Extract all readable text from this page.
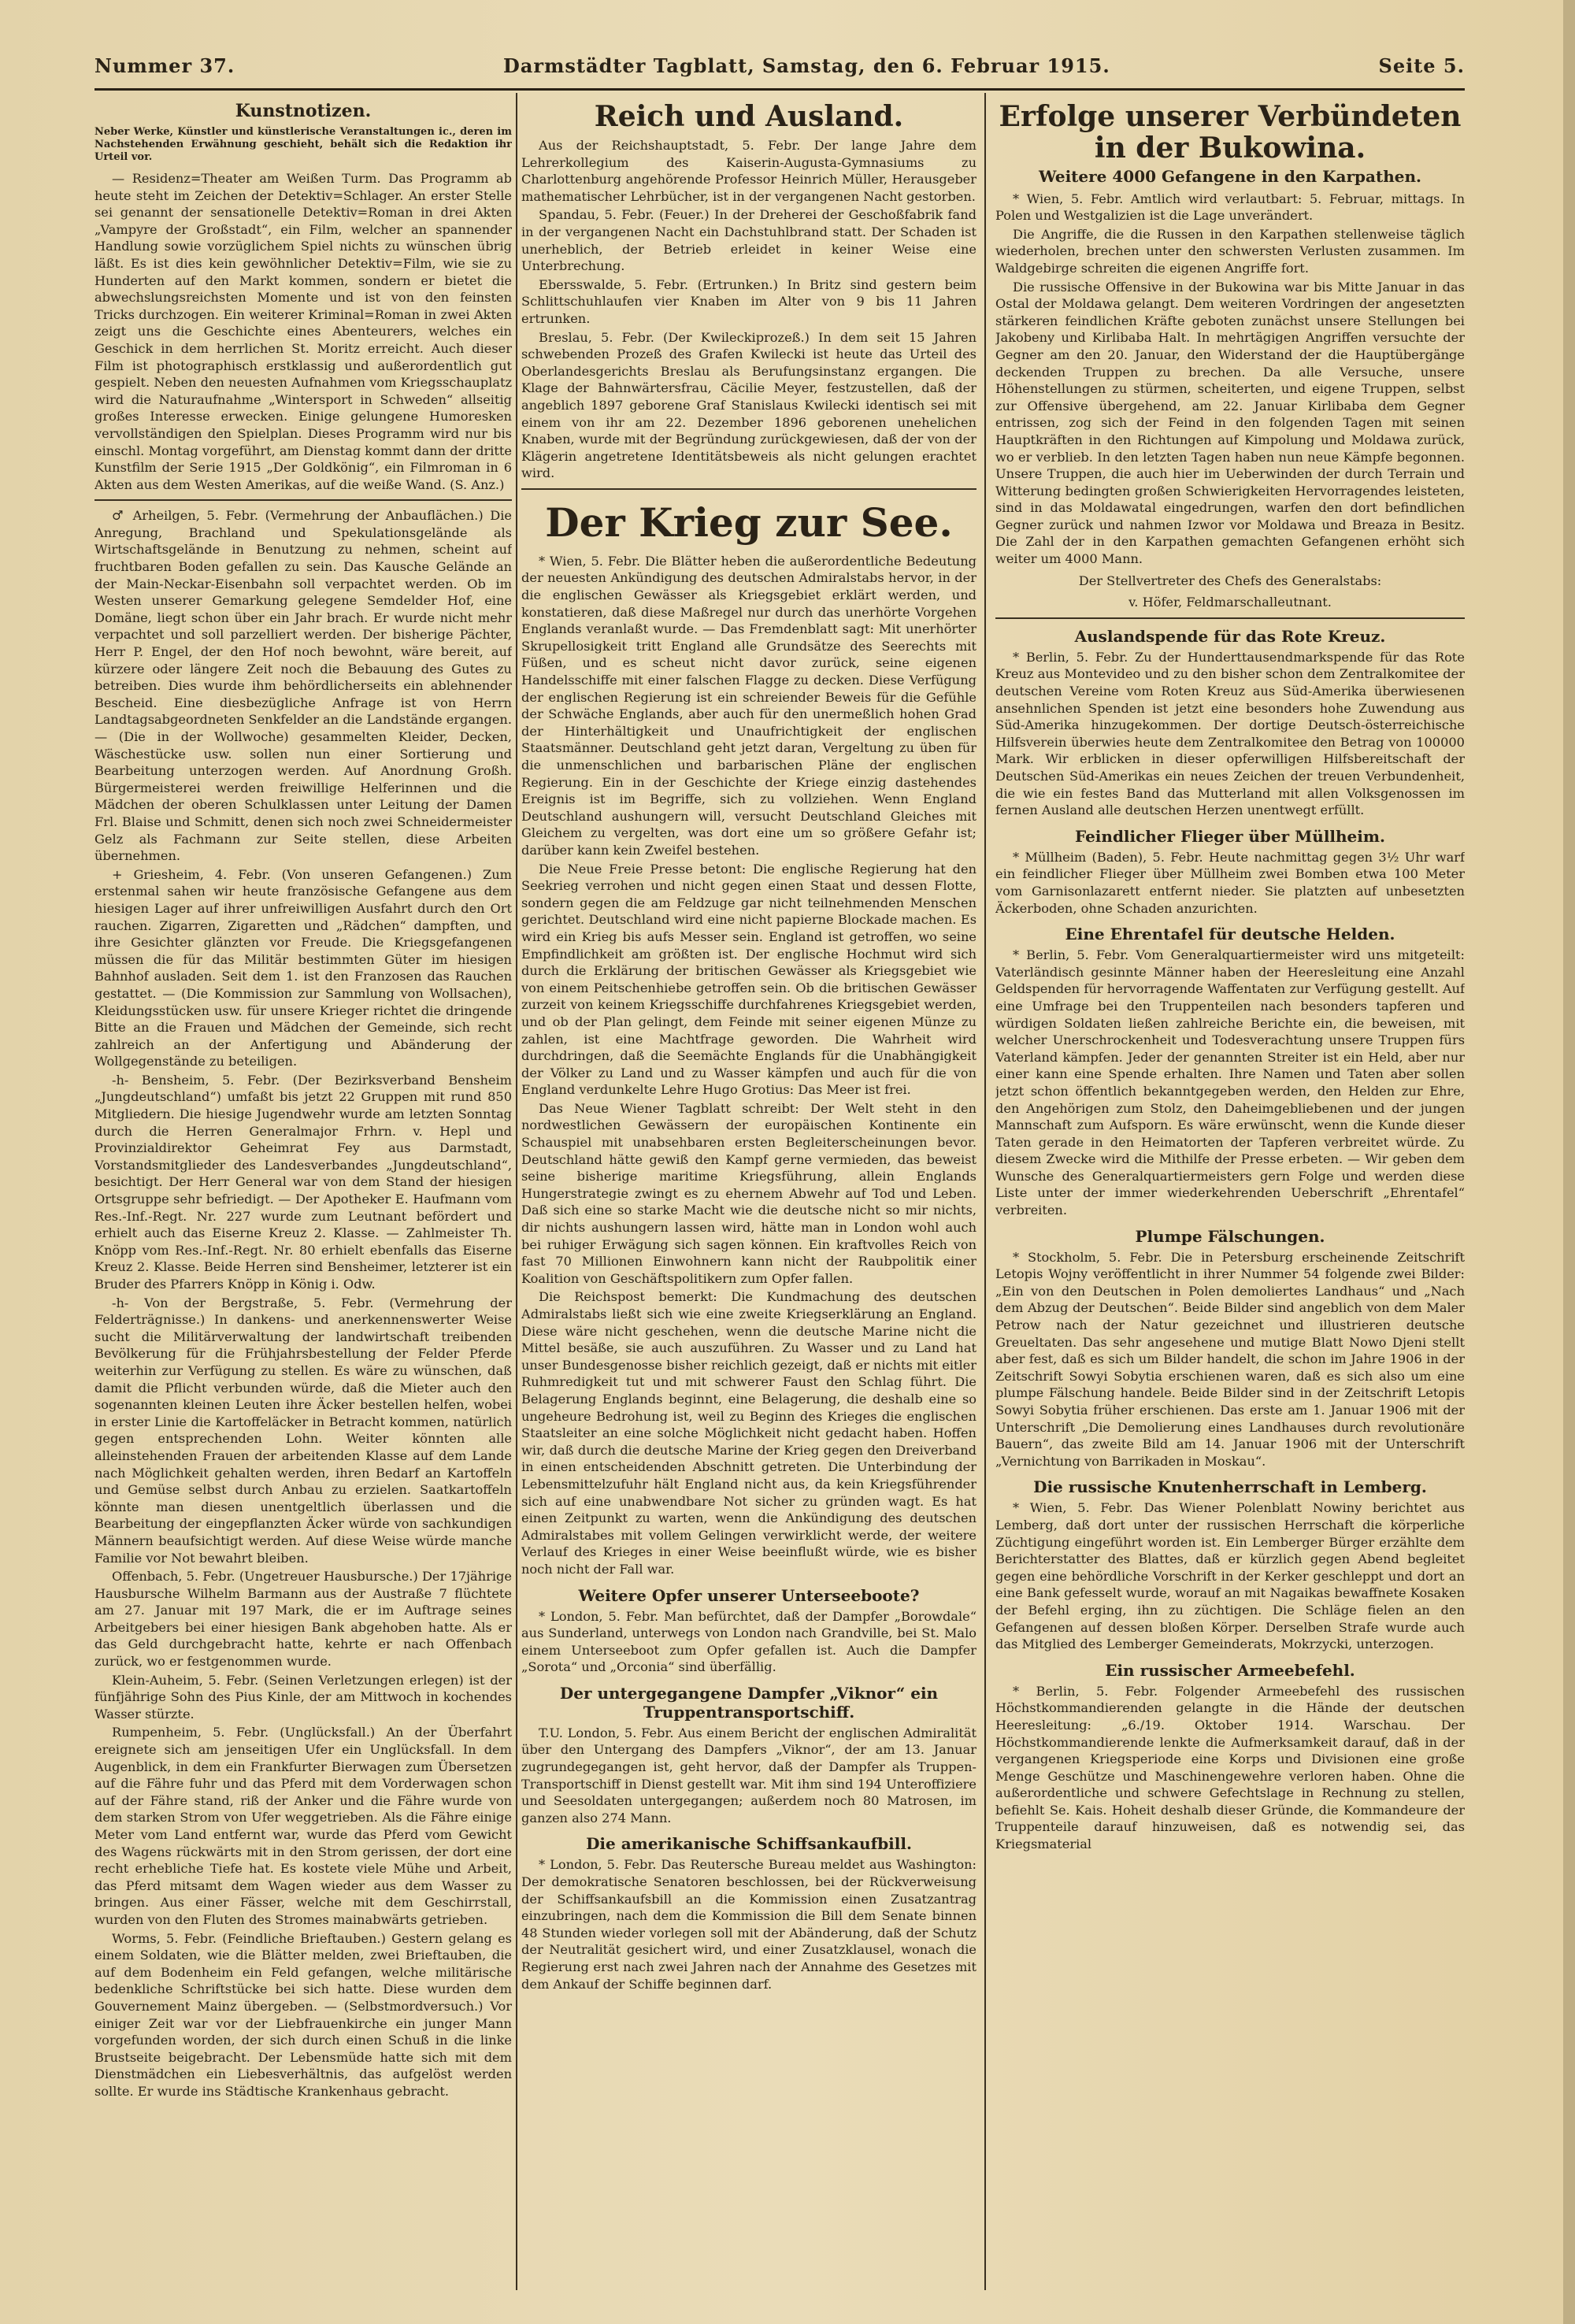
Nummer 37.	Darmstädter Tagblatt, Samstag, den 6. Februar 1915.	Seite 5.
Kunstnotizen.
Neber Werke, Künstler und künstlerische Veranstaltungen ic., deren im Nachstehenden Erwähnung geschieht, behält sich die Redaktion ihr Urteil vor.

— Residenz=Theater am Weißen Turm. Das Programm ab heute steht im Zeichen der Detektiv=Schlager. An erster Stelle sei genannt der sensationelle Detektiv=Roman in drei Akten „Vampyre der Großstadt“, ein Film, welcher an spannender Handlung sowie vorzüglichem Spiel nichts zu wünschen übrig läßt. Es ist dies kein gewöhnlicher Detektiv=Film, wie sie zu Hunderten auf den Markt kommen, sondern er bietet die abwechslungsreichsten Momente und ist von den feinsten Tricks durchzogen. Ein weiterer Kriminal=Roman in zwei Akten zeigt uns die Geschichte eines Abenteurers, welches ein Geschick in dem herrlichen St. Moritz erreicht. Auch dieser Film ist photographisch erstklassig und außerordentlich gut gespielt. Neben den neuesten Aufnahmen vom Kriegsschauplatz wird die Naturaufnahme „Wintersport in Schweden“ allseitig großes Interesse erwecken. Einige gelungene Humoresken vervollständigen den Spielplan. Dieses Programm wird nur bis einschl. Montag vorgeführt, am Dienstag kommt dann der dritte Kunstfilm der Serie 1915 „Der Goldkönig“, ein Filmroman in 6 Akten aus dem Westen Amerikas, auf die weiße Wand. (S. Anz.)

♂ Arheilgen, 5. Febr. (Vermehrung der Anbauflächen.) Die Anregung, Brachland und Spekulationsgelände als Wirtschaftsgelände in Benutzung zu nehmen, scheint auf fruchtbaren Boden gefallen zu sein. Das Kausche Gelände an der Main-Neckar-Eisenbahn soll verpachtet werden. Ob im Westen unserer Gemarkung gelegene Semdelder Hof, eine Domäne, liegt schon über ein Jahr brach. Er wurde nicht mehr verpachtet und soll parzelliert werden. Der bisherige Pächter, Herr P. Engel, der den Hof noch bewohnt, wäre bereit, auf kürzere oder längere Zeit noch die Bebauung des Gutes zu betreiben. Dies wurde ihm behördlicherseits ein ablehnender Bescheid. Eine diesbezügliche Anfrage ist von Herrn Landtagsabgeordneten Senkfelder an die Landstände ergangen. — (Die in der Wollwoche) gesammelten Kleider, Decken, Wäschestücke usw. sollen nun einer Sortierung und Bearbeitung unterzogen werden. Auf Anordnung Großh. Bürgermeisterei werden freiwillige Helferinnen und die Mädchen der oberen Schulklassen unter Leitung der Damen Frl. Blaise und Schmitt, denen sich noch zwei Schneidermeister Gelz als Fachmann zur Seite stellen, diese Arbeiten übernehmen.

+ Griesheim, 4. Febr. (Von unseren Gefangenen.) Zum erstenmal sahen wir heute französische Gefangene aus dem hiesigen Lager auf ihrer unfreiwilligen Ausfahrt durch den Ort rauchen. Zigarren, Zigaretten und „Rädchen“ dampften, und ihre Gesichter glänzten vor Freude. Die Kriegsgefangenen müssen die für das Militär bestimmten Güter im hiesigen Bahnhof ausladen. Seit dem 1. ist den Franzosen das Rauchen gestattet. — (Die Kommission zur Sammlung von Wollsachen), Kleidungsstücken usw. für unsere Krieger richtet die dringende Bitte an die Frauen und Mädchen der Gemeinde, sich recht zahlreich an der Anfertigung und Abänderung der Wollgegenstände zu beteiligen.

-h- Bensheim, 5. Febr. (Der Bezirksverband Bensheim „Jungdeutschland“) umfaßt bis jetzt 22 Gruppen mit rund 850 Mitgliedern. Die hiesige Jugendwehr wurde am letzten Sonntag durch die Herren Generalmajor Frhrn. v. Hepl und Provinzialdirektor Geheimrat Fey aus Darmstadt, Vorstandsmitglieder des Landesverbandes „Jungdeutschland“, besichtigt. Der Herr General war von dem Stand der hiesigen Ortsgruppe sehr befriedigt. — Der Apotheker E. Haufmann vom Res.-Inf.-Regt. Nr. 227 wurde zum Leutnant befördert und erhielt auch das Eiserne Kreuz 2. Klasse. — Zahlmeister Th. Knöpp vom Res.-Inf.-Regt. Nr. 80 erhielt ebenfalls das Eiserne Kreuz 2. Klasse. Beide Herren sind Bensheimer, letzterer ist ein Bruder des Pfarrers Knöpp in König i. Odw.

-h- Von der Bergstraße, 5. Febr. (Vermehrung der Felderträgnisse.) In dankens- und anerkennenswerter Weise sucht die Militärverwaltung der landwirtschaft treibenden Bevölkerung für die Frühjahrsbestellung der Felder Pferde weiterhin zur Verfügung zu stellen. Es wäre zu wünschen, daß damit die Pflicht verbunden würde, daß die Mieter auch den sogenannten kleinen Leuten ihre Äcker bestellen helfen, wobei in erster Linie die Kartoffeläcker in Betracht kommen, natürlich gegen entsprechenden Lohn. Weiter könnten alle alleinstehenden Frauen der arbeitenden Klasse auf dem Lande nach Möglichkeit gehalten werden, ihren Bedarf an Kartoffeln und Gemüse selbst durch Anbau zu erzielen. Saatkartoffeln könnte man diesen unentgeltlich überlassen und die Bearbeitung der eingepflanzten Äcker würde von sachkundigen Männern beaufsichtigt werden. Auf diese Weise würde manche Familie vor Not bewahrt bleiben.

Offenbach, 5. Febr. (Ungetreuer Hausbursche.) Der 17jährige Hausbursche Wilhelm Barmann aus der Austraße 7 flüchtete am 27. Januar mit 197 Mark, die er im Auftrage seines Arbeitgebers bei einer hiesigen Bank abgehoben hatte. Als er das Geld durchgebracht hatte, kehrte er nach Offenbach zurück, wo er festgenommen wurde.

Klein-Auheim, 5. Febr. (Seinen Verletzungen erlegen) ist der fünfjährige Sohn des Pius Kinle, der am Mittwoch in kochendes Wasser stürzte.

Rumpenheim, 5. Febr. (Unglücksfall.) An der Überfahrt ereignete sich am jenseitigen Ufer ein Unglücksfall. In dem Augenblick, in dem ein Frankfurter Bierwagen zum Übersetzen auf die Fähre fuhr und das Pferd mit dem Vorderwagen schon auf der Fähre stand, riß der Anker und die Fähre wurde von dem starken Strom von Ufer weggetrieben. Als die Fähre einige Meter vom Land entfernt war, wurde das Pferd vom Gewicht des Wagens rückwärts mit in den Strom gerissen, der dort eine recht erhebliche Tiefe hat. Es kostete viele Mühe und Arbeit, das Pferd mitsamt dem Wagen wieder aus dem Wasser zu bringen. Aus einer Fässer, welche mit dem Geschirrstall, wurden von den Fluten des Stromes mainabwärts getrieben.

Worms, 5. Febr. (Feindliche Brieftauben.) Gestern gelang es einem Soldaten, wie die Blätter melden, zwei Brieftauben, die auf dem Bodenheim ein Feld gefangen, welche militärische bedenkliche Schriftstücke bei sich hatte. Diese wurden dem Gouvernement Mainz übergeben. — (Selbstmordversuch.) Vor einiger Zeit war vor der Liebfrauenkirche ein junger Mann vorgefunden worden, der sich durch einen Schuß in die linke Brustseite beigebracht. Der Lebensmüde hatte sich mit dem Dienstmädchen ein Liebesverhältnis, das aufgelöst werden sollte. Er wurde ins Städtische Krankenhaus gebracht.

Reich und Ausland.

Aus der Reichshauptstadt, 5. Febr. Der lange Jahre dem Lehrerkollegium des Kaiserin-Augusta-Gymnasiums zu Charlottenburg angehörende Professor Heinrich Müller, Herausgeber mathematischer Lehrbücher, ist in der vergangenen Nacht gestorben.

Spandau, 5. Febr. (Feuer.) In der Dreherei der Geschoßfabrik fand in der vergangenen Nacht ein Dachstuhlbrand statt. Der Schaden ist unerheblich, der Betrieb erleidet in keiner Weise eine Unterbrechung.

Ebersswalde, 5. Febr. (Ertrunken.) In Britz sind gestern beim Schlittschuhlaufen vier Knaben im Alter von 9 bis 11 Jahren ertrunken.

Breslau, 5. Febr. (Der Kwileckiprozeß.) In dem seit 15 Jahren schwebenden Prozeß des Grafen Kwilecki ist heute das Urteil des Oberlandesgerichts Breslau als Berufungsinstanz ergangen. Die Klage der Bahnwärtersfrau, Cäcilie Meyer, festzustellen, daß der angeblich 1897 geborene Graf Stanislaus Kwilecki identisch sei mit einem von ihr am 22. Dezember 1896 geborenen unehelichen Knaben, wurde mit der Begründung zurückgewiesen, daß der von der Klägerin angetretene Identitätsbeweis als nicht gelungen erachtet wird.

Der Krieg zur See.

* Wien, 5. Febr. Die Blätter heben die außerordentliche Bedeutung der neuesten Ankündigung des deutschen Admiralstabs hervor, in der die englischen Gewässer als Kriegsgebiet erklärt werden, und konstatieren, daß diese Maßregel nur durch das unerhörte Vorgehen Englands veranlaßt wurde. — Das Fremdenblatt sagt: Mit unerhörter Skrupellosigkeit tritt England alle Grundsätze des Seerechts mit Füßen, und es scheut nicht davor zurück, seine eigenen Handelsschiffe mit einer falschen Flagge zu decken. Diese Verfügung der englischen Regierung ist ein schreiender Beweis für die Gefühle der Schwäche Englands, aber auch für den unermeßlich hohen Grad der Hinterhältigkeit und Unaufrichtigkeit der englischen Staatsmänner. Deutschland geht jetzt daran, Vergeltung zu üben für die unmenschlichen und barbarischen Pläne der englischen Regierung. Ein in der Geschichte der Kriege einzig dastehendes Ereignis ist im Begriffe, sich zu vollziehen. Wenn England Deutschland aushungern will, versucht Deutschland Gleiches mit Gleichem zu vergelten, was dort eine um so größere Gefahr ist; darüber kann kein Zweifel bestehen.

Die Neue Freie Presse betont: Die englische Regierung hat den Seekrieg verrohen und nicht gegen einen Staat und dessen Flotte, sondern gegen die am Feldzuge gar nicht teilnehmenden Menschen gerichtet. Deutschland wird eine nicht papierne Blockade machen. Es wird ein Krieg bis aufs Messer sein. England ist getroffen, wo seine Empfindlichkeit am größten ist. Der englische Hochmut wird sich durch die Erklärung der britischen Gewässer als Kriegsgebiet wie von einem Peitschenhiebe getroffen sein. Ob die britischen Gewässer zurzeit von keinem Kriegsschiffe durchfahrenes Kriegsgebiet werden, und ob der Plan gelingt, dem Feinde mit seiner eigenen Münze zu zahlen, ist eine Machtfrage geworden. Die Wahrheit wird durchdringen, daß die Seemächte Englands für die Unabhängigkeit der Völker zu Land und zu Wasser kämpfen und auch für die von England verdunkelte Lehre Hugo Grotius: Das Meer ist frei.

Das Neue Wiener Tagblatt schreibt: Der Welt steht in den nordwestlichen Gewässern der europäischen Kontinente ein Schauspiel mit unabsehbaren ersten Begleiterscheinungen bevor. Deutschland hätte gewiß den Kampf gerne vermieden, das beweist seine bisherige maritime Kriegsführung, allein Englands Hungerstrategie zwingt es zu ehernem Abwehr auf Tod und Leben. Daß sich eine so starke Macht wie die deutsche nicht so mir nichts, dir nichts aushungern lassen wird, hätte man in London wohl auch bei ruhiger Erwägung sich sagen können. Ein kraftvolles Reich von fast 70 Millionen Einwohnern kann nicht der Raubpolitik einer Koalition von Geschäftspolitikern zum Opfer fallen.

Die Reichspost bemerkt: Die Kundmachung des deutschen Admiralstabs ließt sich wie eine zweite Kriegserklärung an England. Diese wäre nicht geschehen, wenn die deutsche Marine nicht die Mittel besäße, sie auch auszuführen. Zu Wasser und zu Land hat unser Bundesgenosse bisher reichlich gezeigt, daß er nichts mit eitler Ruhmredigkeit tut und mit schwerer Faust den Schlag führt. Die Belagerung Englands beginnt, eine Belagerung, die deshalb eine so ungeheure Bedrohung ist, weil zu Beginn des Krieges die englischen Staatsleiter an eine solche Möglichkeit nicht gedacht haben. Hoffen wir, daß durch die deutsche Marine der Krieg gegen den Dreiverband in einen entscheidenden Abschnitt getreten. Die Unterbindung der Lebensmittelzufuhr hält England nicht aus, da kein Kriegsführender sich auf eine unabwendbare Not sicher zu gründen wagt. Es hat einen Zeitpunkt zu warten, wenn die Ankündigung des deutschen Admiralstabes mit vollem Gelingen verwirklicht werde, der weitere Verlauf des Krieges in einer Weise beeinflußt würde, wie es bisher noch nicht der Fall war.

Weitere Opfer unserer Unterseeboote?

* London, 5. Febr. Man befürchtet, daß der Dampfer „Borowdale“ aus Sunderland, unterwegs von London nach Grandville, bei St. Malo einem Unterseeboot zum Opfer gefallen ist. Auch die Dampfer „Sorota“ und „Orconia“ sind überfällig.

Der untergegangene Dampfer „Viknor“ ein Truppentransportschiff.

T.U. London, 5. Febr. Aus einem Bericht der englischen Admiralität über den Untergang des Dampfers „Viknor“, der am 13. Januar zugrundegegangen ist, geht hervor, daß der Dampfer als Truppen-Transportschiff in Dienst gestellt war. Mit ihm sind 194 Unteroffiziere und Seesoldaten untergegangen; außerdem noch 80 Matrosen, im ganzen also 274 Mann.

Die amerikanische Schiffsankaufbill.

* London, 5. Febr. Das Reutersche Bureau meldet aus Washington: Der demokratische Senatoren beschlossen, bei der Rückverweisung der Schiffsankaufsbill an die Kommission einen Zusatzantrag einzubringen, nach dem die Kommission die Bill dem Senate binnen 48 Stunden wieder vorlegen soll mit der Abänderung, daß der Schutz der Neutralität gesichert wird, und einer Zusatzklausel, wonach die Regierung erst nach zwei Jahren nach der Annahme des Gesetzes mit dem Ankauf der Schiffe beginnen darf.

Erfolge unserer Verbündeten in der Bukowina.
Weitere 4000 Gefangene in den Karpathen.

* Wien, 5. Febr. Amtlich wird verlautbart: 5. Februar, mittags. In Polen und Westgalizien ist die Lage unverändert.

Die Angriffe, die die Russen in den Karpathen stellenweise täglich wiederholen, brechen unter den schwersten Verlusten zusammen. Im Waldgebirge schreiten die eigenen Angriffe fort.

Die russische Offensive in der Bukowina war bis Mitte Januar in das Ostal der Moldawa gelangt. Dem weiteren Vordringen der angesetzten stärkeren feindlichen Kräfte geboten zunächst unsere Stellungen bei Jakobeny und Kirlibaba Halt. In mehrtägigen Angriffen versuchte der Gegner am den 20. Januar, den Widerstand der die Hauptübergänge deckenden Truppen zu brechen. Da alle Versuche, unsere Höhenstellungen zu stürmen, scheiterten, und eigene Truppen, selbst zur Offensive übergehend, am 22. Januar Kirlibaba dem Gegner entrissen, zog sich der Feind in den folgenden Tagen mit seinen Hauptkräften in den Richtungen auf Kimpolung und Moldawa zurück, wo er verblieb. In den letzten Tagen haben nun neue Kämpfe begonnen. Unsere Truppen, die auch hier im Ueberwinden der durch Terrain und Witterung bedingten großen Schwierigkeiten Hervorragendes leisteten, sind in das Moldawatal eingedrungen, warfen den dort befindlichen Gegner zurück und nahmen Izwor vor Moldawa und Breaza in Besitz. Die Zahl der in den Karpathen gemachten Gefangenen erhöht sich weiter um 4000 Mann.

Der Stellvertreter des Chefs des Generalstabs:

v. Höfer, Feldmarschalleutnant.

Auslandspende für das Rote Kreuz.

* Berlin, 5. Febr. Zu der Hunderttausendmarkspende für das Rote Kreuz aus Montevideo und zu den bisher schon dem Zentralkomitee der deutschen Vereine vom Roten Kreuz aus Süd-Amerika überwiesenen ansehnlichen Spenden ist jetzt eine besonders hohe Zuwendung aus Süd-Amerika hinzugekommen. Der dortige Deutsch-österreichische Hilfsverein überwies heute dem Zentralkomitee den Betrag von 100000 Mark. Wir erblicken in dieser opferwilligen Hilfsbereitschaft der Deutschen Süd-Amerikas ein neues Zeichen der treuen Verbundenheit, die wie ein festes Band das Mutterland mit allen Volksgenossen im fernen Ausland alle deutschen Herzen unentwegt erfüllt.

Feindlicher Flieger über Müllheim.

* Müllheim (Baden), 5. Febr. Heute nachmittag gegen 3½ Uhr warf ein feindlicher Flieger über Müllheim zwei Bomben etwa 100 Meter vom Garnisonlazarett entfernt nieder. Sie platzten auf unbesetzten Äckerboden, ohne Schaden anzurichten.

Eine Ehrentafel für deutsche Helden.

* Berlin, 5. Febr. Vom Generalquartiermeister wird uns mitgeteilt: Vaterländisch gesinnte Männer haben der Heeresleitung eine Anzahl Geldspenden für hervorragende Waffentaten zur Verfügung gestellt. Auf eine Umfrage bei den Truppenteilen nach besonders tapferen und würdigen Soldaten ließen zahlreiche Berichte ein, die beweisen, mit welcher Unerschrockenheit und Todesverachtung unsere Truppen fürs Vaterland kämpfen. Jeder der genannten Streiter ist ein Held, aber nur einer kann eine Spende erhalten. Ihre Namen und Taten aber sollen jetzt schon öffentlich bekanntgegeben werden, den Helden zur Ehre, den Angehörigen zum Stolz, den Daheimgebliebenen und der jungen Mannschaft zum Aufsporn. Es wäre erwünscht, wenn die Kunde dieser Taten gerade in den Heimatorten der Tapferen verbreitet würde. Zu diesem Zwecke wird die Mithilfe der Presse erbeten. — Wir geben dem Wunsche des Generalquartiermeisters gern Folge und werden diese Liste unter der immer wiederkehrenden Ueberschrift „Ehrentafel“ verbreiten.

Plumpe Fälschungen.

* Stockholm, 5. Febr. Die in Petersburg erscheinende Zeitschrift Letopis Wojny veröffentlicht in ihrer Nummer 54 folgende zwei Bilder: „Ein von den Deutschen in Polen demoliertes Landhaus“ und „Nach dem Abzug der Deutschen“. Beide Bilder sind angeblich von dem Maler Petrow nach der Natur gezeichnet und illustrieren deutsche Greueltaten. Das sehr angesehene und mutige Blatt Nowo Djeni stellt aber fest, daß es sich um Bilder handelt, die schon im Jahre 1906 in der Zeitschrift Sowyi Sobytia erschienen waren, daß es sich also um eine plumpe Fälschung handele. Beide Bilder sind in der Zeitschrift Letopis Sowyi Sobytia früher erschienen. Das erste am 1. Januar 1906 mit der Unterschrift „Die Demolierung eines Landhauses durch revolutionäre Bauern“, das zweite Bild am 14. Januar 1906 mit der Unterschrift „Vernichtung von Barrikaden in Moskau“.

Die russische Knutenherrschaft in Lemberg.

* Wien, 5. Febr. Das Wiener Polenblatt Nowiny berichtet aus Lemberg, daß dort unter der russischen Herrschaft die körperliche Züchtigung eingeführt worden ist. Ein Lemberger Bürger erzählte dem Berichterstatter des Blattes, daß er kürzlich gegen Abend begleitet gegen eine behördliche Vorschrift in der Kerker geschleppt und dort an eine Bank gefesselt wurde, worauf an mit Nagaikas bewaffnete Kosaken der Befehl erging, ihn zu züchtigen. Die Schläge fielen an den Gefangenen auf dessen bloßen Körper. Derselben Strafe wurde auch das Mitglied des Lemberger Gemeinderats, Mokrzycki, unterzogen.

Ein russischer Armeebefehl.

* Berlin, 5. Febr. Folgender Armeebefehl des russischen Höchstkommandierenden gelangte in die Hände der deutschen Heeresleitung: „6./19. Oktober 1914. Warschau. Der Höchstkommandierende lenkte die Aufmerksamkeit darauf, daß in der vergangenen Kriegsperiode eine Korps und Divisionen eine große Menge Geschütze und Maschinengewehre verloren haben. Ohne die außerordentliche und schwere Gefechtslage in Rechnung zu stellen, befiehlt Se. Kais. Hoheit deshalb dieser Gründe, die Kommandeure der Truppenteile darauf hinzuweisen, daß es notwendig sei, das Kriegsmaterial
